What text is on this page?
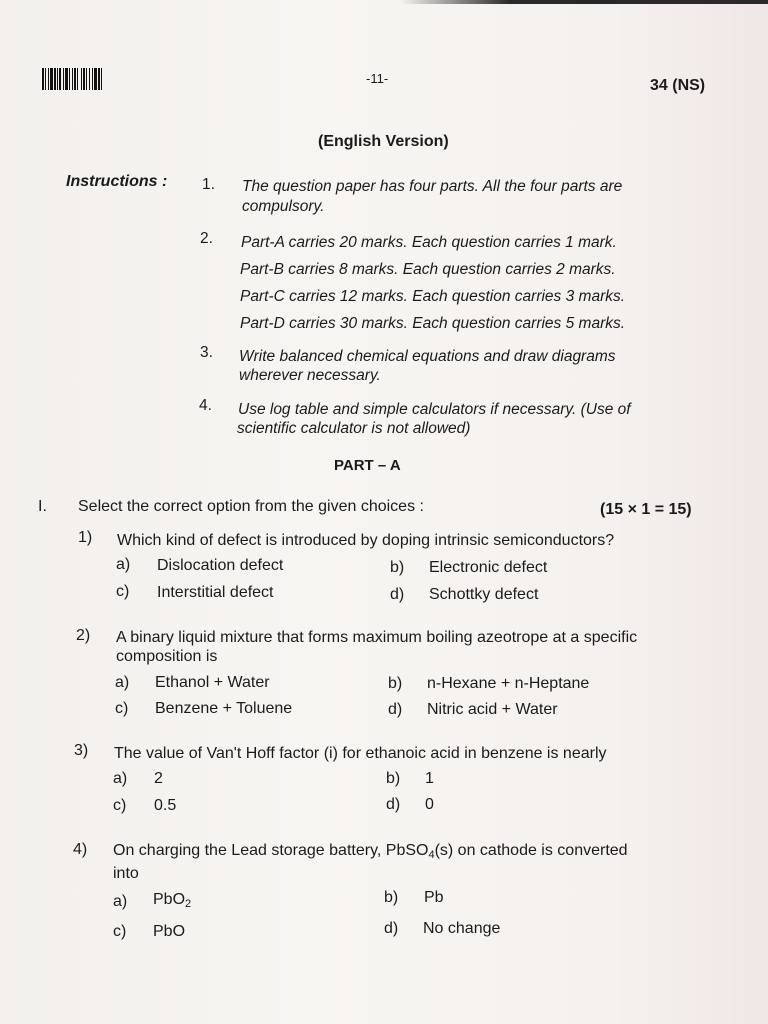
-11-	34 (NS)
(English Version)
Instructions : 1. The question paper has four parts. All the four parts are
compulsory.
2. Part-A carries 20 marks. Each question carries 1 mark.
Part-B carries 8 marks. Each question carries 2 marks.
Part-C carries 12 marks. Each question carries 3 marks.
Part-D carries 30 marks. Each question carries 5 marks.
3. Write balanced chemical equations and draw diagrams
wherever necessary.
4. Use log table and simple calculators if necessary. (Use of
scientific calculator is not allowed)
PART – A
I. Select the correct option from the given choices :	(15 × 1 = 15)
1) Which kind of defect is introduced by doping intrinsic semiconductors?
a) Dislocation defect	b) Electronic defect
c) Interstitial defect	d) Schottky defect
2) A binary liquid mixture that forms maximum boiling azeotrope at a specific
composition is
a) Ethanol + Water	b) n-Hexane + n-Heptane
c) Benzene + Toluene	d) Nitric acid + Water
3) The value of Van't Hoff factor (i) for ethanoic acid in benzene is nearly
a) 2	b) 1
c) 0.5	d) 0
4) On charging the Lead storage battery, PbSO$_4$(s) on cathode is converted
into
a) PbO$_2$	b) Pb
c) PbO	d) No change
